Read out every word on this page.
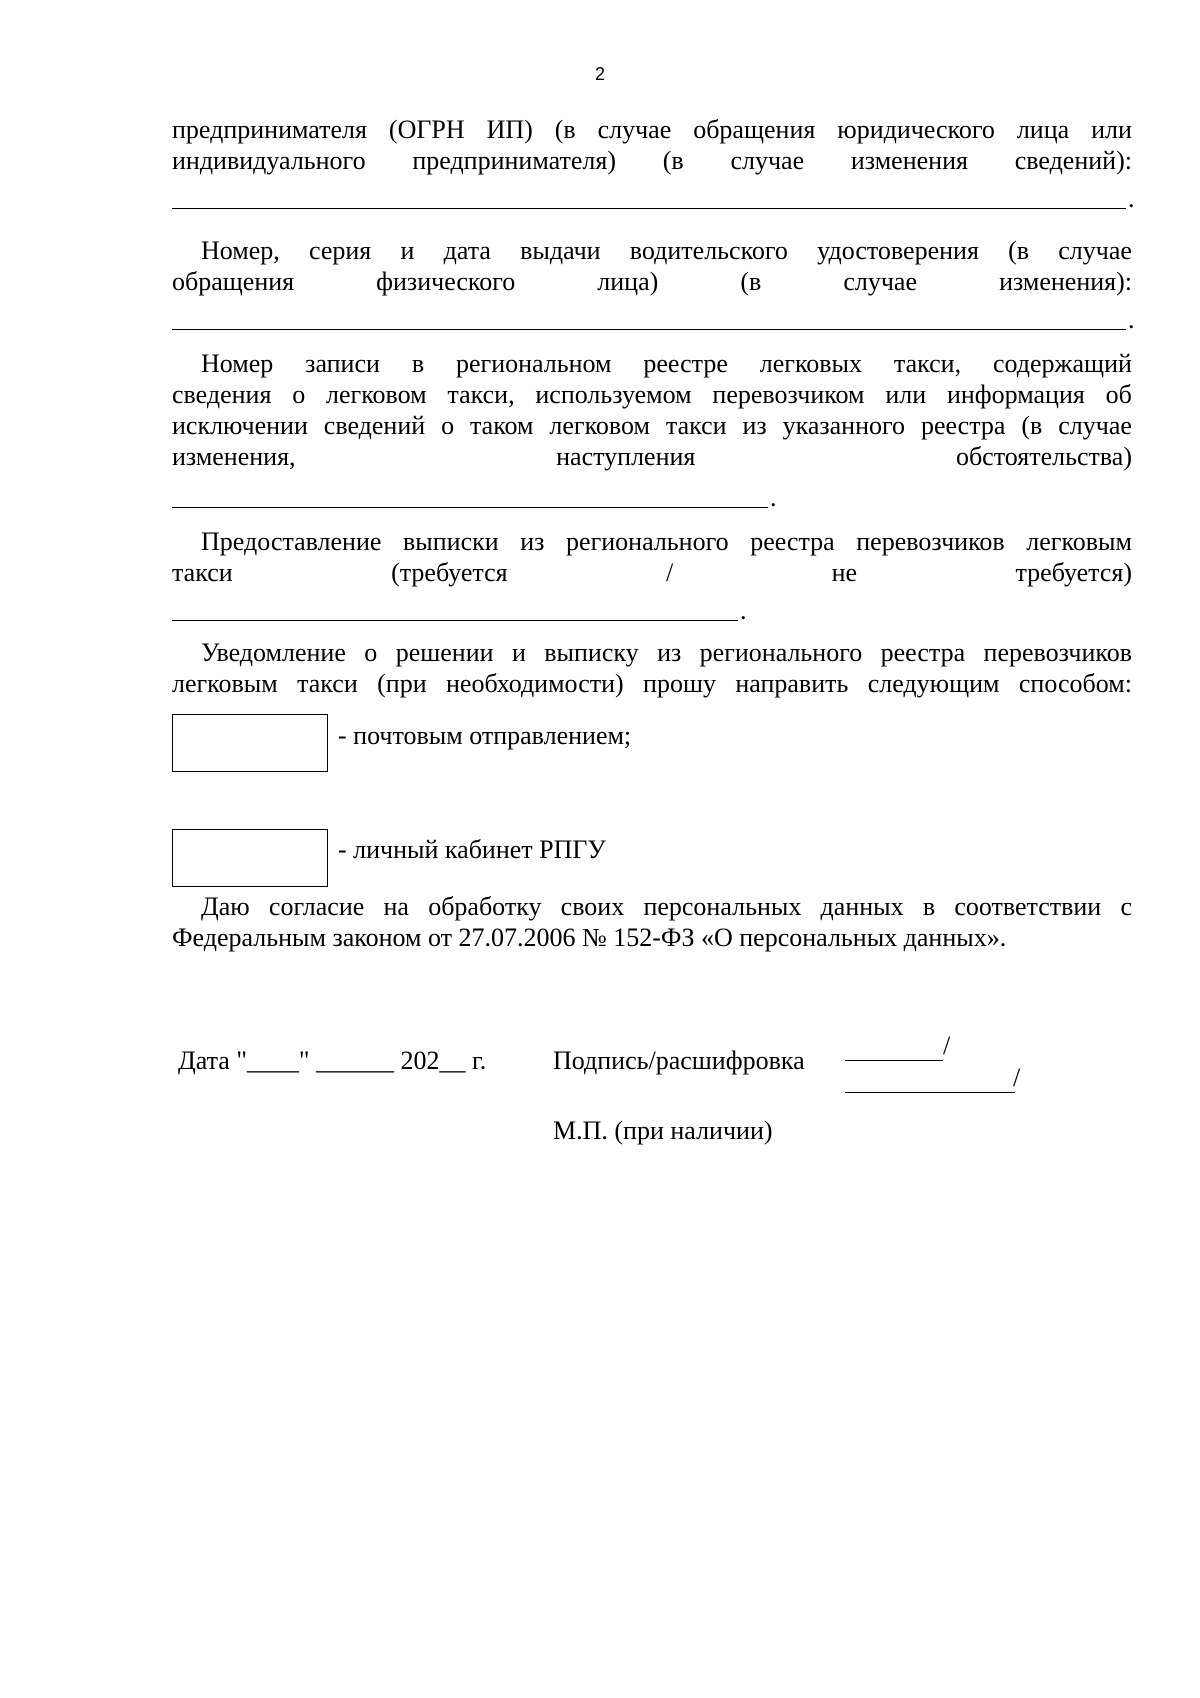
2
предпринимателя (ОГРН ИП) (в случае обращения юридического лица или
индивидуального предпринимателя) (в случае изменения сведений):
.
Номер, серия и дата выдачи водительского удостоверения (в случае
обращения	физического	лица)	(в	случае	изменения):
.
Номер записи в региональном реестре легковых такси, содержащий
сведения о легковом такси, используемом перевозчиком или информация об
исключении сведений о таком легковом такси из указанного реестра (в случае
изменения,	наступления	обстоятельства)
.
Предоставление выписки из регионального реестра перевозчиков легковым
такси	(требуется	/	не	требуется)
.
Уведомление о решении и выписку из регионального реестра перевозчиков
легковым такси (при необходимости) прошу направить следующим способом:
- почтовым отправлением;
- личный кабинет РПГУ
Даю согласие на обработку своих персональных данных в соответствии с
Федеральным законом от 27.07.2006 № 152-ФЗ «О персональных данных».
Дата "____" ______ 202__ г.	Подпись/расшифровка
/
/
М.П. (при наличии)
